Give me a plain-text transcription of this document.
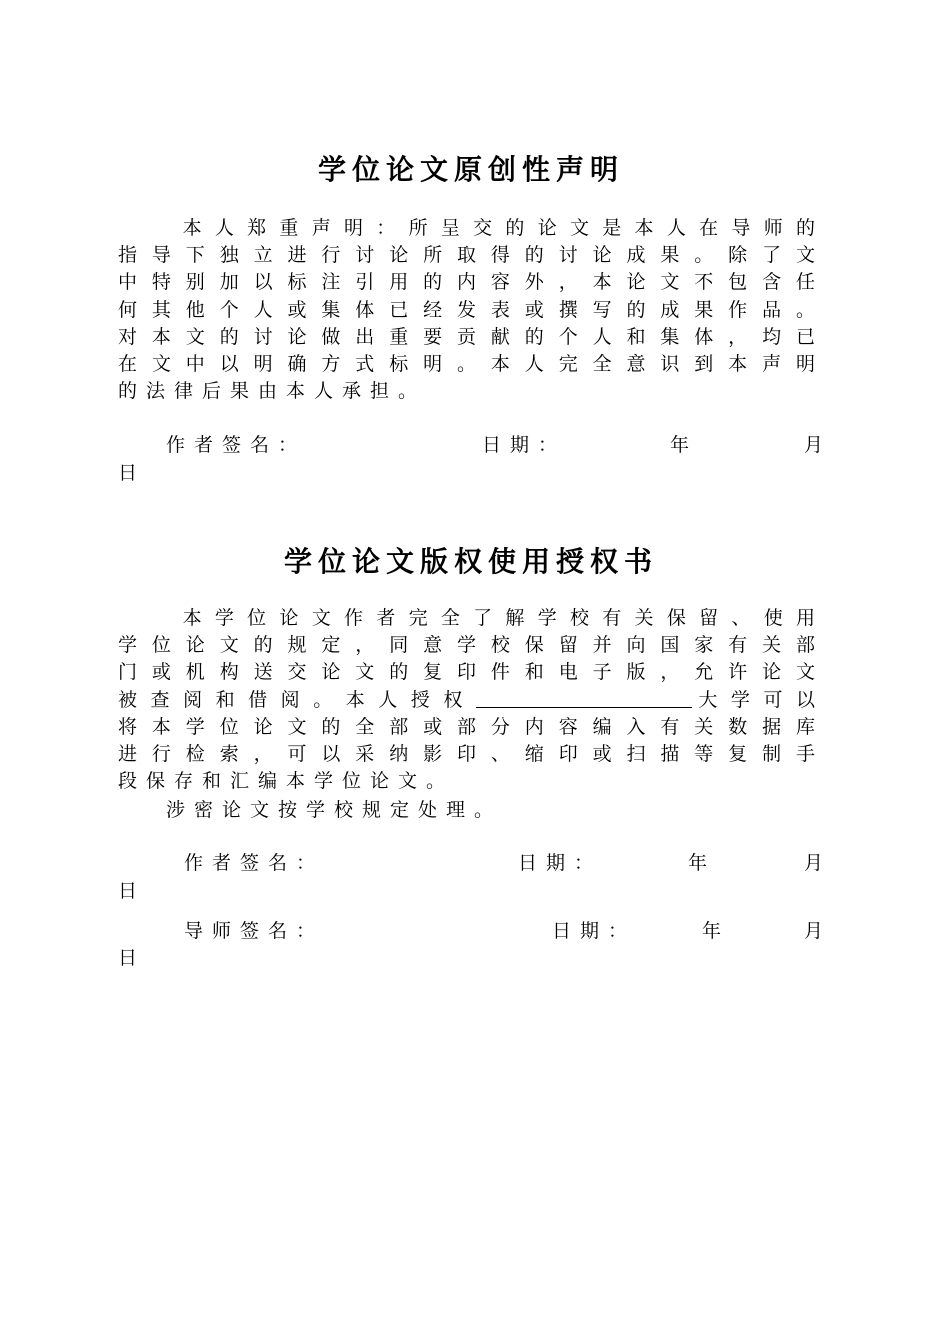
学位论文原创性声明
　　本人郑重声明：所呈交的论文是本人在导师的
指导下独立进行讨论所取得的讨论成果。除了文
中特别加以标注引用的内容外，本论文不包含任
何其他个人或集体已经发表或撰写的成果作品。
对本文的讨论做出重要贡献的个人和集体，均已
在文中以明确方式标明。本人完全意识到本声明
的法律后果由本人承担。
作者签名：	日期：	年	月
日
学位论文版权使用授权书
　　本学位论文作者完全了解学校有关保留、使用
学位论文的规定，同意学校保留并向国家有关部
门或机构送交论文的复印件和电子版，允许论文
被查阅和借阅。本人授权	大学可以
将本学位论文的全部或部分内容编入有关数据库
进行检索，可以采纳影印、缩印或扫描等复制手
段保存和汇编本学位论文。
涉密论文按学校规定处理。
作者签名：	日期：	年	月
日
导师签名：	日期：	年	月
日
